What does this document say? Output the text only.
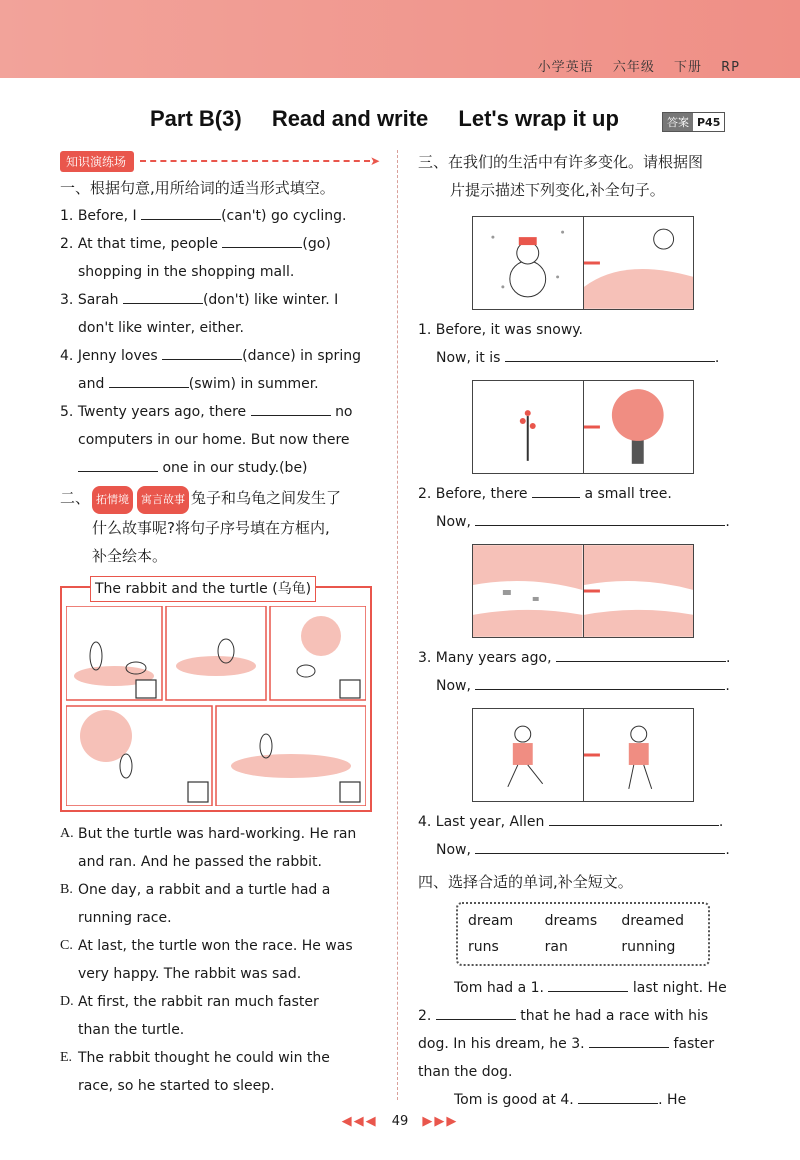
小学英语 六年级 下册 RP
Part B(3) Read and write Let's wrap it up	答案 P45
知识演练场	➤
一、根据句意,用所给词的适当形式填空。
1. Before, I	(can't) go cycling.
2. At that time, people	(go)
shopping in the shopping mall.
3. Sarah	(don't) like winter. I
don't like winter, either.
4. Jenny loves	(dance) in spring
and	(swim) in summer.
5. Twenty years ago, there	no
computers in our home. But now there
one in our study.(be)
二、 拓情境 寓言故事 兔子和乌龟之间发生了
什么故事呢?将句子序号填在方框内,
补全绘本。
The rabbit and the turtle (乌龟)
A. But the turtle was hard-working. He ran
and ran. And he passed the rabbit.
B. One day, a rabbit and a turtle had a
running race.
C. At last, the turtle won the race. He was
very happy. The rabbit was sad.
D. At first, the rabbit ran much faster
than the turtle.
E. The rabbit thought he could win the
race, so he started to sleep.
三、在我们的生活中有许多变化。请根据图
片提示描述下列变化,补全句子。
1. Before, it was snowy.
Now, it is	.
2. Before, there	a small tree.
Now,	.
3. Many years ago,	.
Now,	.
4. Last year, Allen	.
Now,	.
四、选择合适的单词,补全短文。
dream	dreams	dreamed
runs	ran	running
Tom had a 1.	last night. He
2.	that he had a race with his
dog. In his dream, he 3.	faster
than the dog.
Tom is good at 4.	. He
◀◀◀ 49 ▶▶▶
